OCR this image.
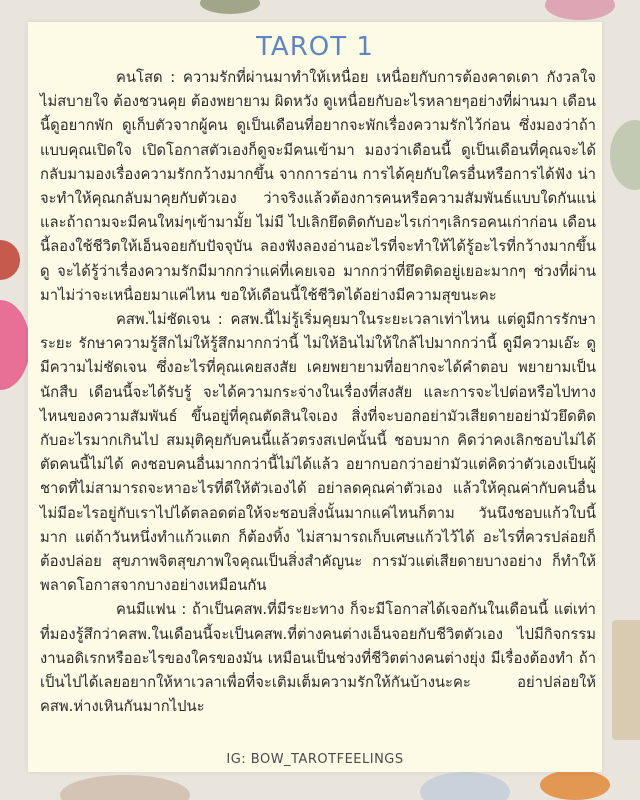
TAROT 1

คนโสด : ความรักที่ผ่านมาทำให้เหนื่อย เหนื่อยกับการต้องคาดเดา กังวลใจ ไม่สบายใจ ต้องชวนคุย ต้องพยายาม ผิดหวัง ดูเหนื่อยกับอะไรหลายๆอย่างที่ผ่านมา เดือนนี้ดูอยากพัก ดูเก็บตัวจากผู้คน ดูเป็นเดือนที่อยากจะพักเรื่องความรักไว้ก่อน ซึ่งมองว่าถ้าแบบคุณเปิดใจ เปิดโอกาสตัวเองก็ดูจะมีคนเข้ามา มองว่าเดือนนี้ ดูเป็นเดือนที่คุณจะได้กลับมามองเรื่องความรักกว้างมากขึ้น จากการอ่าน การได้คุยกับใครอื่นหรือการได้ฟัง น่าจะทำให้คุณกลับมาคุยกับตัวเอง ว่าจริงแล้วต้องการคนหรือความสัมพันธ์แบบใดกันแน่และถ้าถามจะมีคนใหม่ๆเข้ามามั้ย ไม่มี ไปเลิกยึดติดกับอะไรเก่าๆเลิกรอคนเก่าก่อน เดือนนี้ลองใช้ชีวิตให้เอ็นจอยกับปัจจุบัน ลองฟังลองอ่านอะไรที่จะทำให้ได้รู้อะไรที่กว้างมากขึ้นดู จะได้รู้ว่าเรื่องความรักมีมากกว่าแค่ที่เคยเจอ มากกว่าที่ยึดติดอยู่เยอะมากๆ ช่วงที่ผ่านมาไม่ว่าจะเหนื่อยมาแค่ไหน ขอให้เดือนนี้ใช้ชีวิตได้อย่างมีความสุขนะคะ

คสพ.ไม่ชัดเจน : คสพ.นี้ไม่รู้เริ่มคุยมาในระยะเวลาเท่าไหน แต่ดูมีการรักษาระยะ รักษาความรู้สึกไม่ให้รู้สึกมากกว่านี้ ไม่ให้อินไม่ให้ใกล้ไปมากกว่านี้ ดูมีความเอ๊ะ ดูมีความไม่ชัดเจน ซึ่งอะไรที่คุณเคยสงสัย เคยพยายามที่อยากจะได้คำตอบ พยายามเป็นนักสืบ เดือนนี้จะได้รับรู้ จะได้ความกระจ่างในเรื่องที่สงสัย และการจะไปต่อหรือไปทางไหนของความสัมพันธ์ ขึ้นอยู่ที่คุณตัดสินใจเอง สิ่งที่จะบอกอย่ามัวเสียดายอย่ามัวยึดติดกับอะไรมากเกินไป สมมุติคุยกับคนนี้แล้วตรงสเปคนั้นนี้ ชอบมาก คิดว่าคงเลิกชอบไม่ได้ ตัดคนนี้ไม่ได้ คงชอบคนอื่นมากกว่านี้ไม่ได้แล้ว อยากบอกว่าอย่ามัวแต่คิดว่าตัวเองเป็นผู้ชาดที่ไม่สามารถจะหาอะไรที่ดีให้ตัวเองได้ อย่าลดคุณค่าตัวเอง แล้วให้คุณค่ากับคนอื่น ไม่มีอะไรอยู่กับเราไปได้ตลอดต่อให้จะชอบสิ่งนั้นมากแค่ไหนก็ตาม วันนึงชอบแก้วใบนี้มาก แต่ถ้าวันหนึ่งทำแก้วแตก ก็ต้องทิ้ง ไม่สามารถเก็บเศษแก้วไว้ได้ อะไรที่ควรปล่อยก็ต้องปล่อย สุขภาพจิตสุขภาพใจคุณเป็นสิ่งสำคัญนะ การมัวแต่เสียดายบางอย่าง ก็ทำให้พลาดโอกาสจากบางอย่างเหมือนกัน

คนมีแฟน : ถ้าเป็นคสพ.ที่มีระยะทาง ก็จะมีโอกาสได้เจอกันในเดือนนี้ แต่เท่าที่มองรู้สึกว่าคสพ.ในเดือนนี้จะเป็นคสพ.ที่ต่างคนต่างเอ็นจอยกับชีวิตตัวเอง ไปมีกิจกรรมงานอดิเรกหรืออะไรของใครของมัน เหมือนเป็นช่วงที่ชีวิตต่างคนต่างยุ่ง มีเรื่องต้องทำ ถ้าเป็นไปได้เลยอยากให้หาเวลาเพื่อที่จะเติมเต็มความรักให้กันบ้างนะคะ อย่าปล่อยให้คสพ.ห่างเหินกันมากไปนะ

IG: BOW_TAROTFEELINGS
